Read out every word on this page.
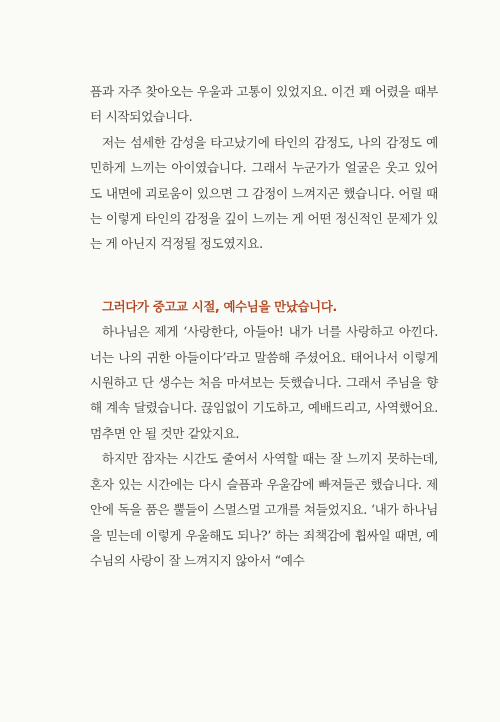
픔과 자주 찾아오는 우울과 고통이 있었지요. 이건 꽤 어렸을 때부터 시작되었습니다.

저는 섬세한 감성을 타고났기에 타인의 감정도, 나의 감정도 예민하게 느끼는 아이였습니다. 그래서 누군가가 얼굴은 웃고 있어도 내면에 괴로움이 있으면 그 감정이 느껴지곤 했습니다. 어릴 때는 이렇게 타인의 감정을 깊이 느끼는 게 어떤 정신적인 문제가 있는 게 아닌지 걱정될 정도였지요.

그러다가 중고교 시절, 예수님을 만났습니다.

하나님은 제게 ‘사랑한다, 아들아! 내가 너를 사랑하고 아낀다. 너는 나의 귀한 아들이다’라고 말씀해 주셨어요. 태어나서 이렇게 시원하고 단 생수는 처음 마셔보는 듯했습니다. 그래서 주님을 향해 계속 달렸습니다. 끊임없이 기도하고, 예배드리고, 사역했어요. 멈추면 안 될 것만 같았지요.

하지만 잠자는 시간도 줄여서 사역할 때는 잘 느끼지 못하는데, 혼자 있는 시간에는 다시 슬픔과 우울감에 빠져들곤 했습니다. 제 안에 독을 품은 뿔들이 스멀스멀 고개를 쳐들었지요. ‘내가 하나님을 믿는데 이렇게 우울해도 되나?’ 하는 죄책감에 휩싸일 때면, 예수님의 사랑이 잘 느껴지지 않아서 “예수
